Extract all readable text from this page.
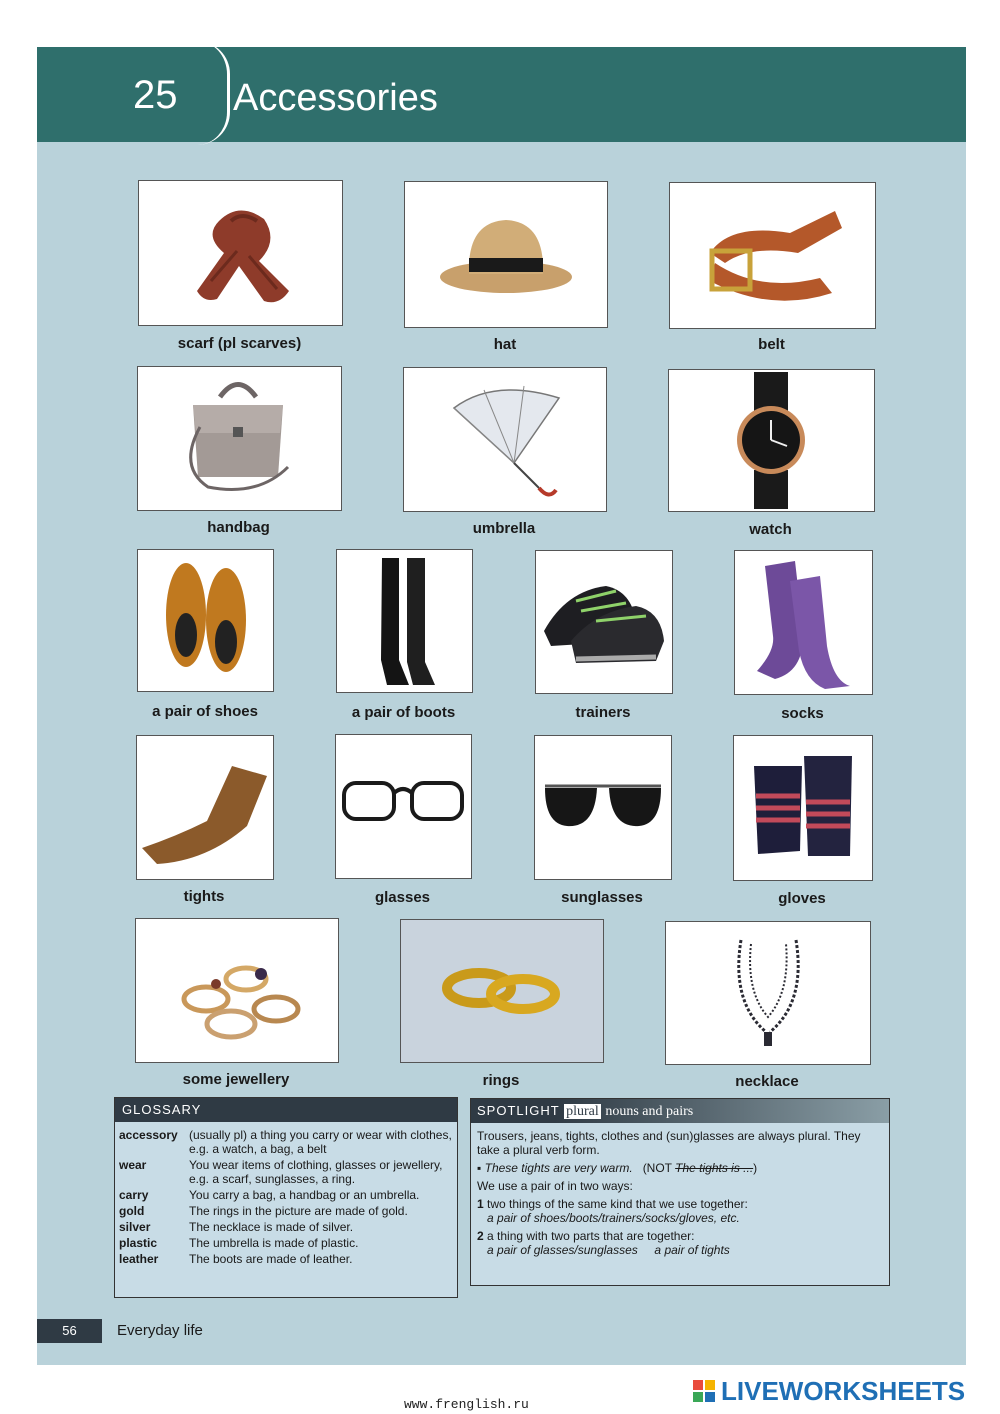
25 Accessories
scarf (pl scarves)	hat	belt
handbag	umbrella	watch
a pair of shoes	a pair of boots	trainers	socks
tights	glasses	sunglasses	gloves
some jewellery	rings	necklace
GLOSSARY
accessory	(usually pl) a thing you carry or wear with clothes, e.g. a watch, a bag, a belt
wear	You wear items of clothing, glasses or jewellery, e.g. a scarf, sunglasses, a ring.
carry	You carry a bag, a handbag or an umbrella.
gold	The rings in the picture are made of gold.
silver	The necklace is made of silver.
plastic	The umbrella is made of plastic.
leather	The boots are made of leather.
SPOTLIGHT plural nouns and pairs

Trousers, jeans, tights, clothes and (sun)glasses are always plural. They take a plural verb form.

▪ These tights are very warm. (NOT The tights is ...)

We use a pair of in two ways:

1 two things of the same kind that we use together:
a pair of shoes/boots/trainers/socks/gloves, etc.

2 a thing with two parts that are together:
a pair of glasses/sunglasses     a pair of tights

56	Everyday life
www.frenglish.ru	LIVEWORKSHEETS
